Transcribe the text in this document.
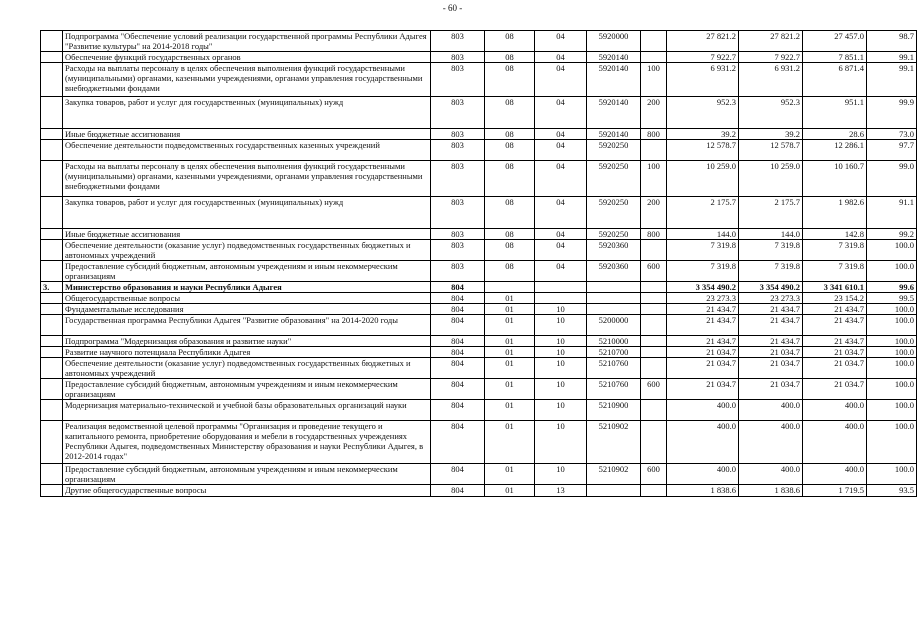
- 60 -
	Подпрограмма "Обеспечение условий реализации государственной программы Республики Адыгея "Развитие культуры" на 2014-2018 годы"	803	08	04	5920000		27 821.2	27 821.2	27 457.0	98.7
	Обеспечение функций государственных органов	803	08	04	5920140		7 922.7	7 922.7	7 851.1	99.1
	Расходы на выплаты персоналу в целях обеспечения выполнения функций государственными (муниципальными) органами, казенными учреждениями, органами управления государственными внебюджетными фондами	803	08	04	5920140	100	6 931.2	6 931.2	6 871.4	99.1
	Закупка товаров, работ и услуг для государственных (муниципальных) нужд	803	08	04	5920140	200	952.3	952.3	951.1	99.9
	Иные бюджетные ассигнования	803	08	04	5920140	800	39.2	39.2	28.6	73.0
	Обеспечение деятельности подведомственных государственных казенных учреждений	803	08	04	5920250		12 578.7	12 578.7	12 286.1	97.7
	Расходы на выплаты персоналу в целях обеспечения выполнения функций государственными (муниципальными) органами, казенными учреждениями, органами управления государственными внебюджетными фондами	803	08	04	5920250	100	10 259.0	10 259.0	10 160.7	99.0
	Закупка товаров, работ и услуг для государственных (муниципальных) нужд	803	08	04	5920250	200	2 175.7	2 175.7	1 982.6	91.1
	Иные бюджетные ассигнования	803	08	04	5920250	800	144.0	144.0	142.8	99.2
	Обеспечение деятельности (оказание услуг) подведомственных государственных бюджетных и автономных учреждений	803	08	04	5920360		7 319.8	7 319.8	7 319.8	100.0
	Предоставление субсидий бюджетным, автономным учреждениям и иным некоммерческим организациям	803	08	04	5920360	600	7 319.8	7 319.8	7 319.8	100.0
3.	Министерство образования и науки Республики Адыгея	804					3 354 490.2	3 354 490.2	3 341 610.1	99.6
	Общегосударственные вопросы	804	01				23 273.3	23 273.3	23 154.2	99.5
	Фундаментальные исследования	804	01	10			21 434.7	21 434.7	21 434.7	100.0
	Государственная программа Республики Адыгея "Развитие образования" на 2014-2020 годы	804	01	10	5200000		21 434.7	21 434.7	21 434.7	100.0
	Подпрограмма "Модернизация образования и развитие науки"	804	01	10	5210000		21 434.7	21 434.7	21 434.7	100.0
	Развитие научного потенциала Республики Адыгея	804	01	10	5210700		21 034.7	21 034.7	21 034.7	100.0
	Обеспечение деятельности (оказание услуг) подведомственных государственных бюджетных и автономных учреждений	804	01	10	5210760		21 034.7	21 034.7	21 034.7	100.0
	Предоставление субсидий бюджетным, автономным учреждениям и иным некоммерческим организациям	804	01	10	5210760	600	21 034.7	21 034.7	21 034.7	100.0
	Модернизация материально-технической и учебной базы образовательных организаций науки	804	01	10	5210900		400.0	400.0	400.0	100.0
	Реализация ведомственной целевой программы "Организация и проведение текущего и капитального ремонта, приобретение оборудования и мебели в государственных учреждениях Республики Адыгея, подведомственных Министерству образования и науки Республики Адыгея, в 2012-2014 годах"	804	01	10	5210902		400.0	400.0	400.0	100.0
	Предоставление субсидий бюджетным, автономным учреждениям и иным некоммерческим организациям	804	01	10	5210902	600	400.0	400.0	400.0	100.0
	Другие общегосударственные вопросы	804	01	13			1 838.6	1 838.6	1 719.5	93.5
